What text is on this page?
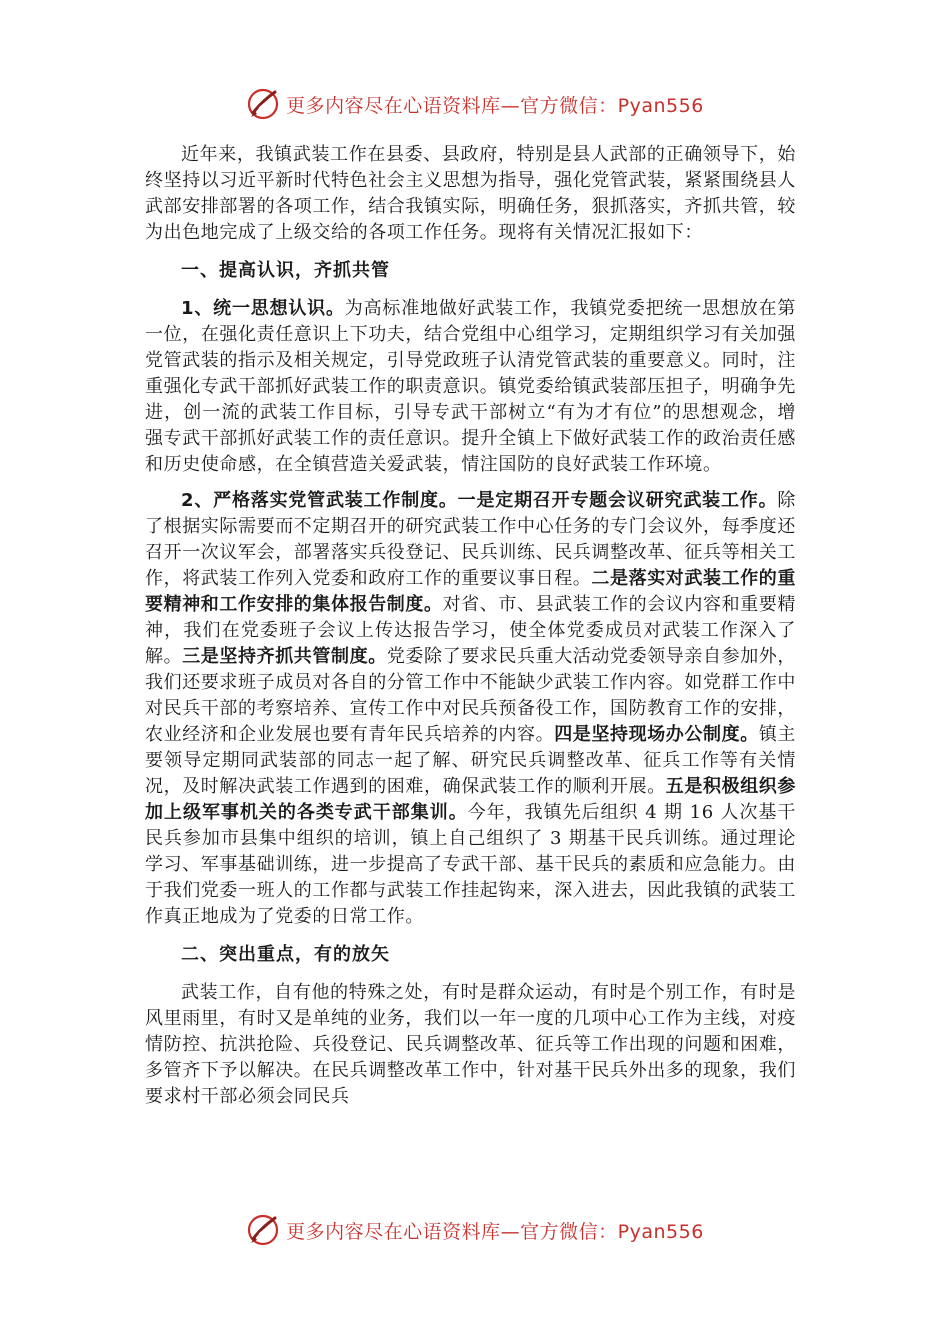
更多内容尽在心语资料库—官方微信：Pyan556

近年来，我镇武装工作在县委、县政府，特别是县人武部的正确领导下，始终坚持以习近平新时代特色社会主义思想为指导，强化党管武装，紧紧围绕县人武部安排部署的各项工作，结合我镇实际，明确任务，狠抓落实，齐抓共管，较为出色地完成了上级交给的各项工作任务。现将有关情况汇报如下：

一、提高认识，齐抓共管

1、统一思想认识。为高标准地做好武装工作，我镇党委把统一思想放在第一位，在强化责任意识上下功夫，结合党组中心组学习，定期组织学习有关加强党管武装的指示及相关规定，引导党政班子认清党管武装的重要意义。同时，注重强化专武干部抓好武装工作的职责意识。镇党委给镇武装部压担子，明确争先进，创一流的武装工作目标，引导专武干部树立“有为才有位”的思想观念，增强专武干部抓好武装工作的责任意识。提升全镇上下做好武装工作的政治责任感和历史使命感，在全镇营造关爱武装，情注国防的良好武装工作环境。

2、严格落实党管武装工作制度。一是定期召开专题会议研究武装工作。除了根据实际需要而不定期召开的研究武装工作中心任务的专门会议外，每季度还召开一次议军会，部署落实兵役登记、民兵训练、民兵调整改革、征兵等相关工作，将武装工作列入党委和政府工作的重要议事日程。二是落实对武装工作的重要精神和工作安排的集体报告制度。对省、市、县武装工作的会议内容和重要精神，我们在党委班子会议上传达报告学习，使全体党委成员对武装工作深入了解。三是坚持齐抓共管制度。党委除了要求民兵重大活动党委领导亲自参加外，我们还要求班子成员对各自的分管工作中不能缺少武装工作内容。如党群工作中对民兵干部的考察培养、宣传工作中对民兵预备役工作，国防教育工作的安排，农业经济和企业发展也要有青年民兵培养的内容。四是坚持现场办公制度。镇主要领导定期同武装部的同志一起了解、研究民兵调整改革、征兵工作等有关情况，及时解决武装工作遇到的困难，确保武装工作的顺利开展。五是积极组织参加上级军事机关的各类专武干部集训。今年，我镇先后组织 4 期 16 人次基干民兵参加市县集中组织的培训，镇上自己组织了 3 期基干民兵训练。通过理论学习、军事基础训练，进一步提高了专武干部、基干民兵的素质和应急能力。由于我们党委一班人的工作都与武装工作挂起钩来，深入进去，因此我镇的武装工作真正地成为了党委的日常工作。

二、突出重点，有的放矢

武装工作，自有他的特殊之处，有时是群众运动，有时是个别工作，有时是风里雨里，有时又是单纯的业务，我们以一年一度的几项中心工作为主线，对疫情防控、抗洪抢险、兵役登记、民兵调整改革、征兵等工作出现的问题和困难，多管齐下予以解决。在民兵调整改革工作中，针对基干民兵外出多的现象，我们要求村干部必须会同民兵

更多内容尽在心语资料库—官方微信：Pyan556
